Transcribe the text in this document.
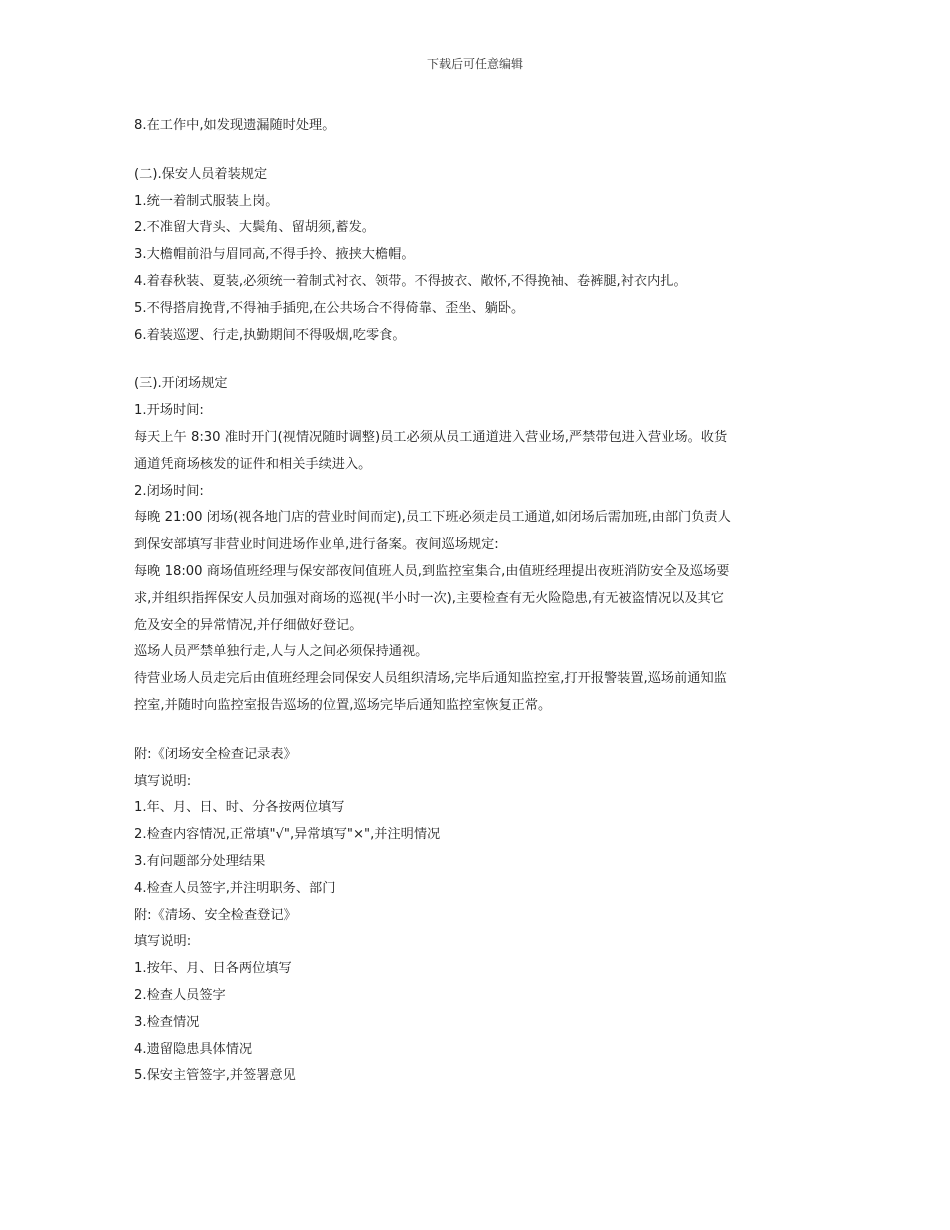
下载后可任意编辑
8.在工作中,如发现遗漏随时处理。
(二).保安人员着装规定
1.统一着制式服装上岗。
2.不准留大背头、大鬓角、留胡须,蓄发。
3.大檐帽前沿与眉同高,不得手拎、掖挟大檐帽。
4.着春秋装、夏装,必须统一着制式衬衣、领带。不得披衣、敞怀,不得挽袖、卷裤腿,衬衣内扎。
5.不得搭肩挽背,不得袖手插兜,在公共场合不得倚靠、歪坐、躺卧。
6.着装巡逻、行走,执勤期间不得吸烟,吃零食。
(三).开闭场规定
1.开场时间:
每天上午 8:30 准时开门(视情况随时调整)员工必须从员工通道进入营业场,严禁带包进入营业场。收货
通道凭商场核发的证件和相关手续进入。
2.闭场时间:
每晚 21:00 闭场(视各地门店的营业时间而定),员工下班必须走员工通道,如闭场后需加班,由部门负责人
到保安部填写非营业时间进场作业单,进行备案。夜间巡场规定:
每晚 18:00 商场值班经理与保安部夜间值班人员,到监控室集合,由值班经理提出夜班消防安全及巡场要
求,并组织指挥保安人员加强对商场的巡视(半小时一次),主要检查有无火险隐患,有无被盗情况以及其它
危及安全的异常情况,并仔细做好登记。
巡场人员严禁单独行走,人与人之间必须保持通视。
待营业场人员走完后由值班经理会同保安人员组织清场,完毕后通知监控室,打开报警装置,巡场前通知监
控室,并随时向监控室报告巡场的位置,巡场完毕后通知监控室恢复正常。
附:《闭场安全检查记录表》
填写说明:
1.年、月、日、时、分各按两位填写
2.检查内容情况,正常填"√",异常填写"×",并注明情况
3.有问题部分处理结果
4.检查人员签字,并注明职务、部门
附:《清场、安全检查登记》
填写说明:
1.按年、月、日各两位填写
2.检查人员签字
3.检查情况
4.遗留隐患具体情况
5.保安主管签字,并签署意见
